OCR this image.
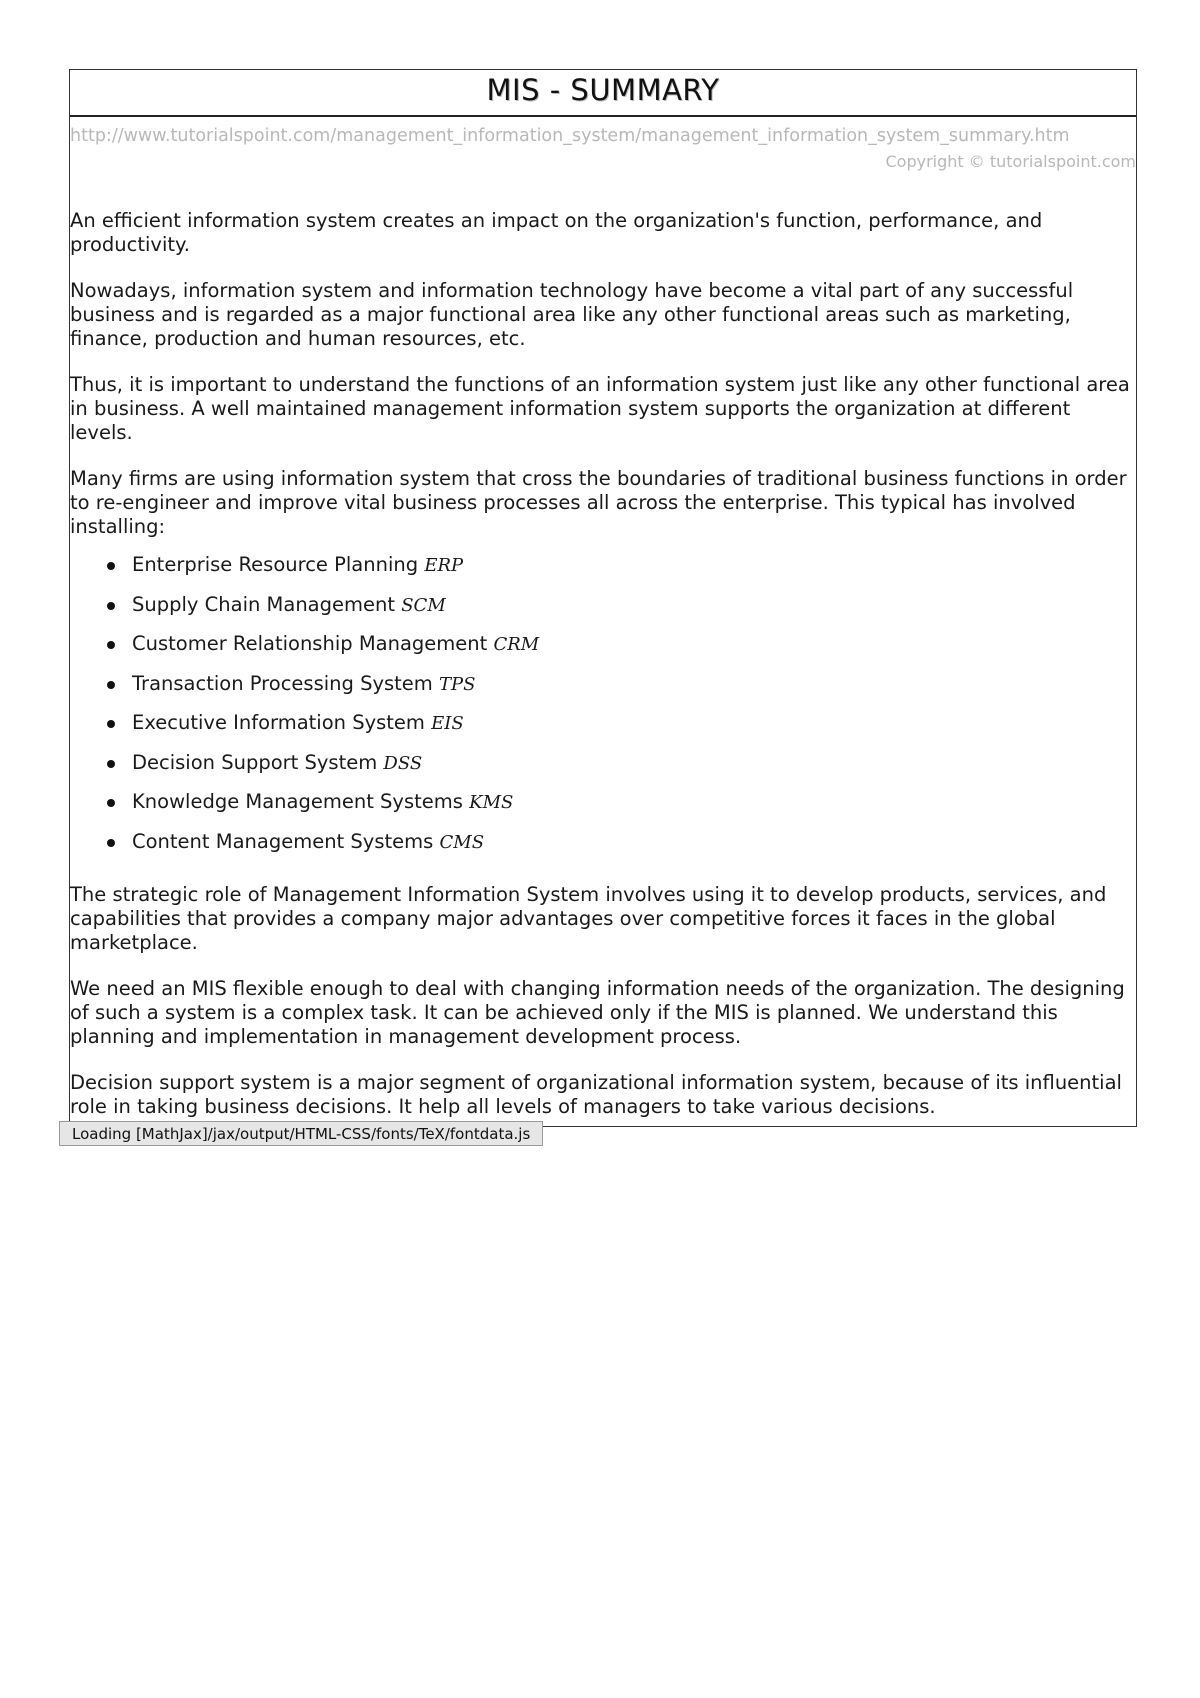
MIS - SUMMARY
http://www.tutorialspoint.com/management_information_system/management_information_system_summary.htm
Copyright © tutorialspoint.com

An efficient information system creates an impact on the organization's function, performance, and productivity.

Nowadays, information system and information technology have become a vital part of any successful business and is regarded as a major functional area like any other functional areas such as marketing, finance, production and human resources, etc.

Thus, it is important to understand the functions of an information system just like any other functional area in business. A well maintained management information system supports the organization at different levels.

Many firms are using information system that cross the boundaries of traditional business functions in order to re-engineer and improve vital business processes all across the enterprise. This typical has involved installing:

Enterprise Resource Planning ERP
Supply Chain Management SCM
Customer Relationship Management CRM
Transaction Processing System TPS
Executive Information System EIS
Decision Support System DSS
Knowledge Management Systems KMS
Content Management Systems CMS

The strategic role of Management Information System involves using it to develop products, services, and capabilities that provides a company major advantages over competitive forces it faces in the global marketplace.

We need an MIS flexible enough to deal with changing information needs of the organization. The designing of such a system is a complex task. It can be achieved only if the MIS is planned. We understand this planning and implementation in management development process.

Decision support system is a major segment of organizational information system, because of its influential role in taking business decisions. It help all levels of managers to take various decisions.

Loading [MathJax]/jax/output/HTML-CSS/fonts/TeX/fontdata.js
